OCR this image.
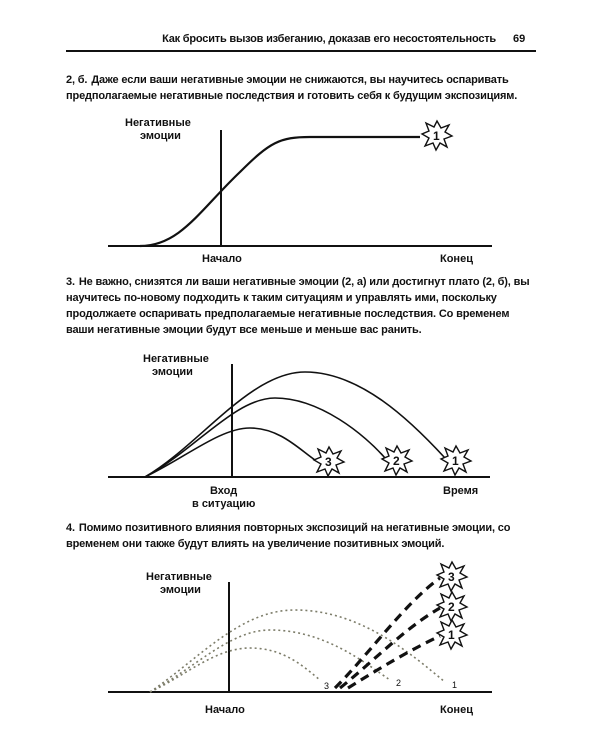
Как бросить вызов избеганию, доказав его несостоятельность 69
2, б. Даже если ваши негативные эмоции не снижаются, вы научитесь оспаривать предполагаемые негативные последствия и готовить себя к будущим экспозициям.
Негативные
эмоции	1
Начало	Конец
3. Не важно, снизятся ли ваши негативные эмоции (2, а) или достигнут плато (2, б), вы научитесь по-новому подходить к таким ситуациям и управлять ими, поскольку продолжаете оспаривать предполагаемые негативные последствия. Со временем ваши негативные эмоции будут все меньше и меньше вас ранить.
Негативные
эмоции
3	2	1
Вход
в ситуацию
Время
4. Помимо позитивного влияния повторных экспозиций на негативные эмоции, со временем они также будут влиять на увеличение позитивных эмоций.
Негативные
эмоции
3	2	1
3
2
1
Начало	Конец
